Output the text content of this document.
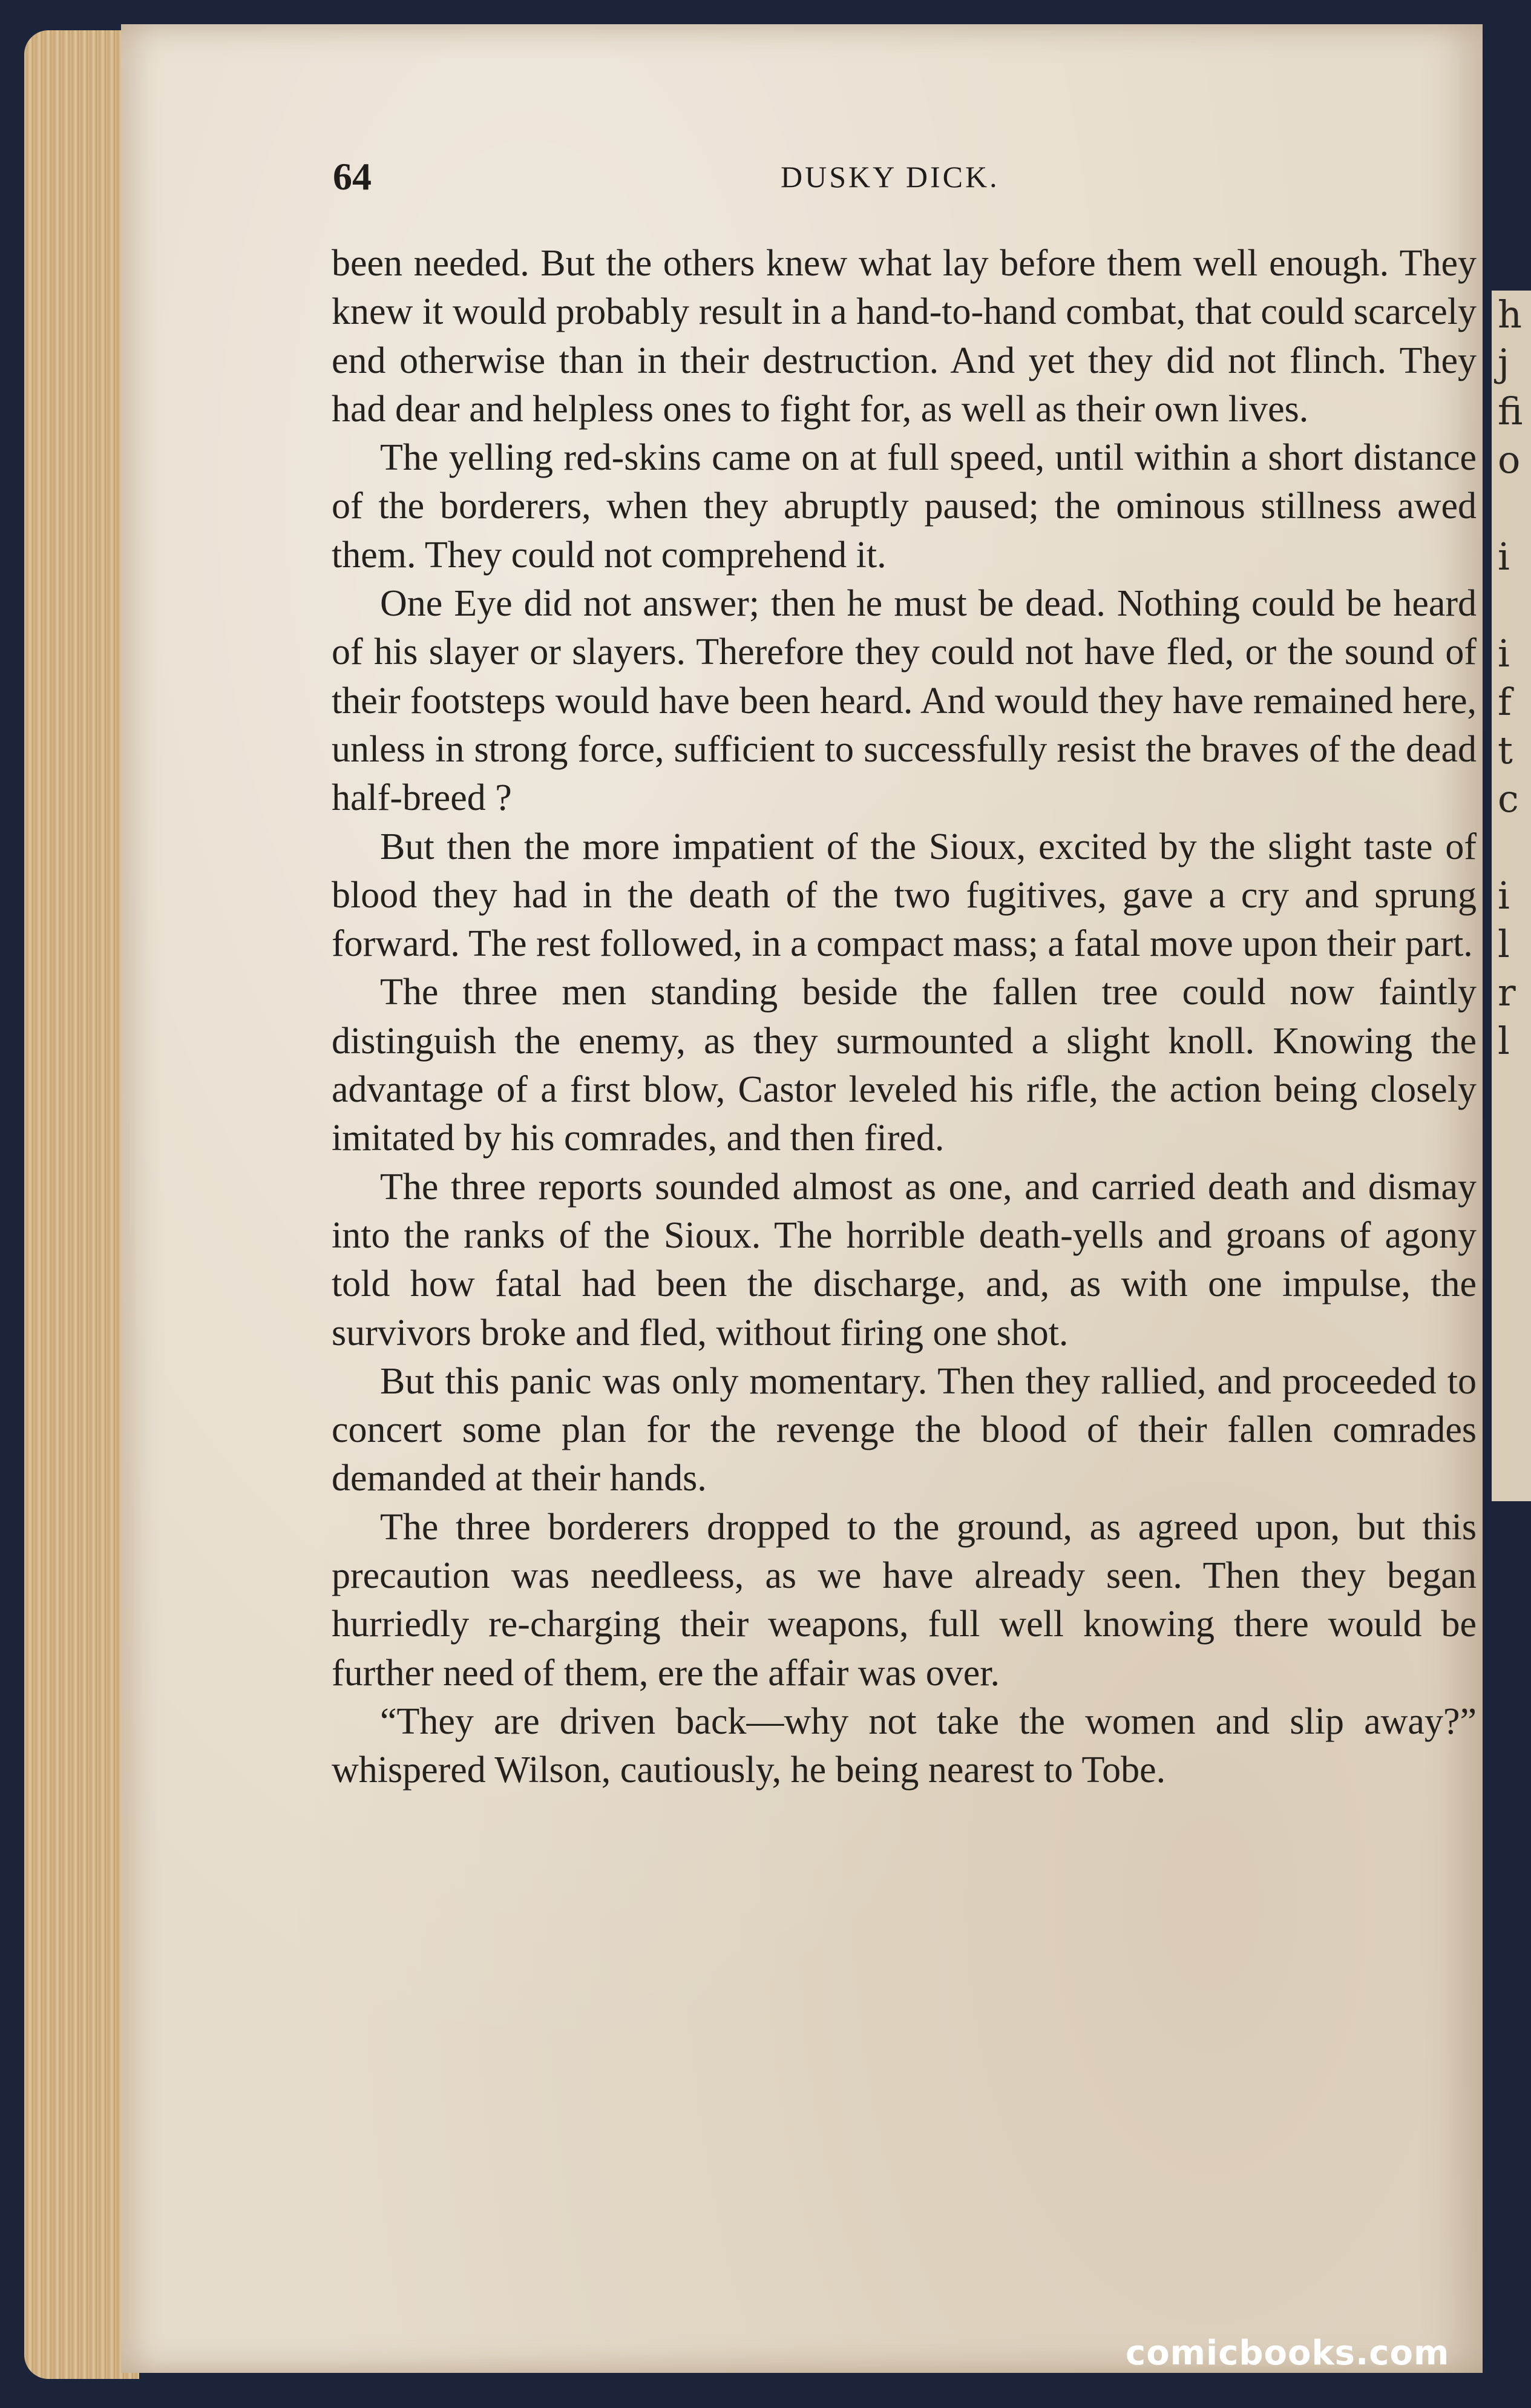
64	DUSKY DICK.

been needed. But the others knew what lay before them well enough. They knew it would probably result in a hand-to-hand combat, that could scarcely end otherwise than in their destruction. And yet they did not flinch. They had dear and helpless ones to fight for, as well as their own lives.

The yelling red-skins came on at full speed, until within a short distance of the borderers, when they abruptly paused; the ominous stillness awed them. They could not comprehend it.

One Eye did not answer; then he must be dead. Nothing could be heard of his slayer or slayers. Therefore they could not have fled, or the sound of their footsteps would have been heard. And would they have remained here, unless in strong force, sufficient to successfully resist the braves of the dead half-breed ?

But then the more impatient of the Sioux, excited by the slight taste of blood they had in the death of the two fugitives, gave a cry and sprung forward. The rest followed, in a compact mass; a fatal move upon their part.

The three men standing beside the fallen tree could now faintly distinguish the enemy, as they surmounted a slight knoll. Knowing the advantage of a first blow, Castor leveled his rifle, the action being closely imitated by his comrades, and then fired.

The three reports sounded almost as one, and carried death and dismay into the ranks of the Sioux. The horrible death-yells and groans of agony told how fatal had been the discharge, and, as with one impulse, the survivors broke and fled, without firing one shot.

But this panic was only momentary. Then they rallied, and proceeded to concert some plan for the revenge the blood of their fallen comrades demanded at their hands.

The three borderers dropped to the ground, as agreed upon, but this precaution was needleess, as we have already seen. Then they began hurriedly re-charging their weapons, full well knowing there would be further need of them, ere the affair was over.

“They are driven back—why not take the women and slip away?” whispered Wilson, cautiously, he being nearest to Tobe.

h
j
fi
o

i

i
f
t
c

i
l
r
l
comicbooks.com
